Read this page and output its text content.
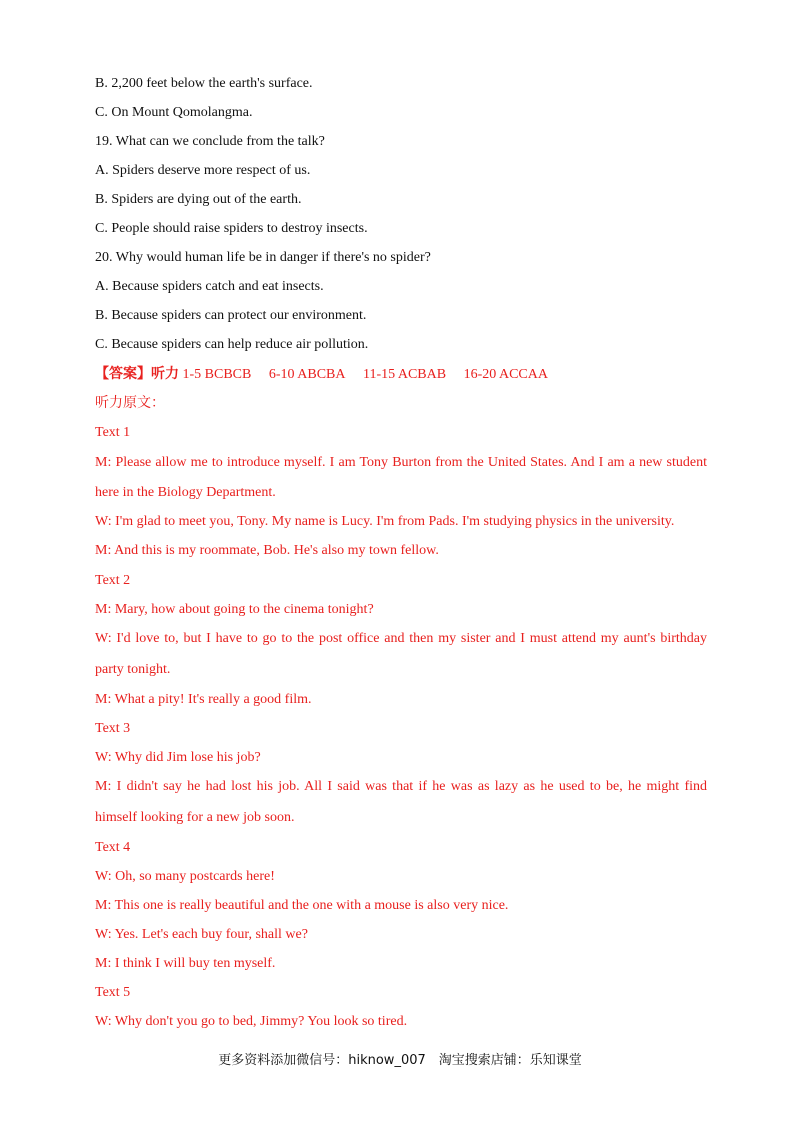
B. 2,200 feet below the earth's surface.
C. On Mount Qomolangma.
19. What can we conclude from the talk?
A. Spiders deserve more respect of us.
B. Spiders are dying out of the earth.
C. People should raise spiders to destroy insects.
20. Why would human life be in danger if there's no spider?
A. Because spiders catch and eat insects.
B. Because spiders can protect our environment.
C. Because spiders can help reduce air pollution.
【答案】听力 1-5 BCBCB 6-10 ABCBA 11-15 ACBAB 16-20 ACCAA
听力原文：
Text 1
M: Please allow me to introduce myself. I am Tony Burton from the United States. And I am a new student
here in the Biology Department.
W: I'm glad to meet you, Tony. My name is Lucy. I'm from Pads. I'm studying physics in the university.
M: And this is my roommate, Bob. He's also my town fellow.
Text 2
M: Mary, how about going to the cinema tonight?
W: I'd love to, but I have to go to the post office and then my sister and I must attend my aunt's birthday
party tonight.
M: What a pity! It's really a good film.
Text 3
W: Why did Jim lose his job?
M: I didn't say he had lost his job. All I said was that if he was as lazy as he used to be, he might find
himself looking for a new job soon.
Text 4
W: Oh, so many postcards here!
M: This one is really beautiful and the one with a mouse is also very nice.
W: Yes. Let's each buy four, shall we?
M: I think I will buy ten myself.
Text 5
W: Why don't you go to bed, Jimmy? You look so tired.
更多资料添加微信号：hiknow_007　淘宝搜索店铺：乐知课堂
